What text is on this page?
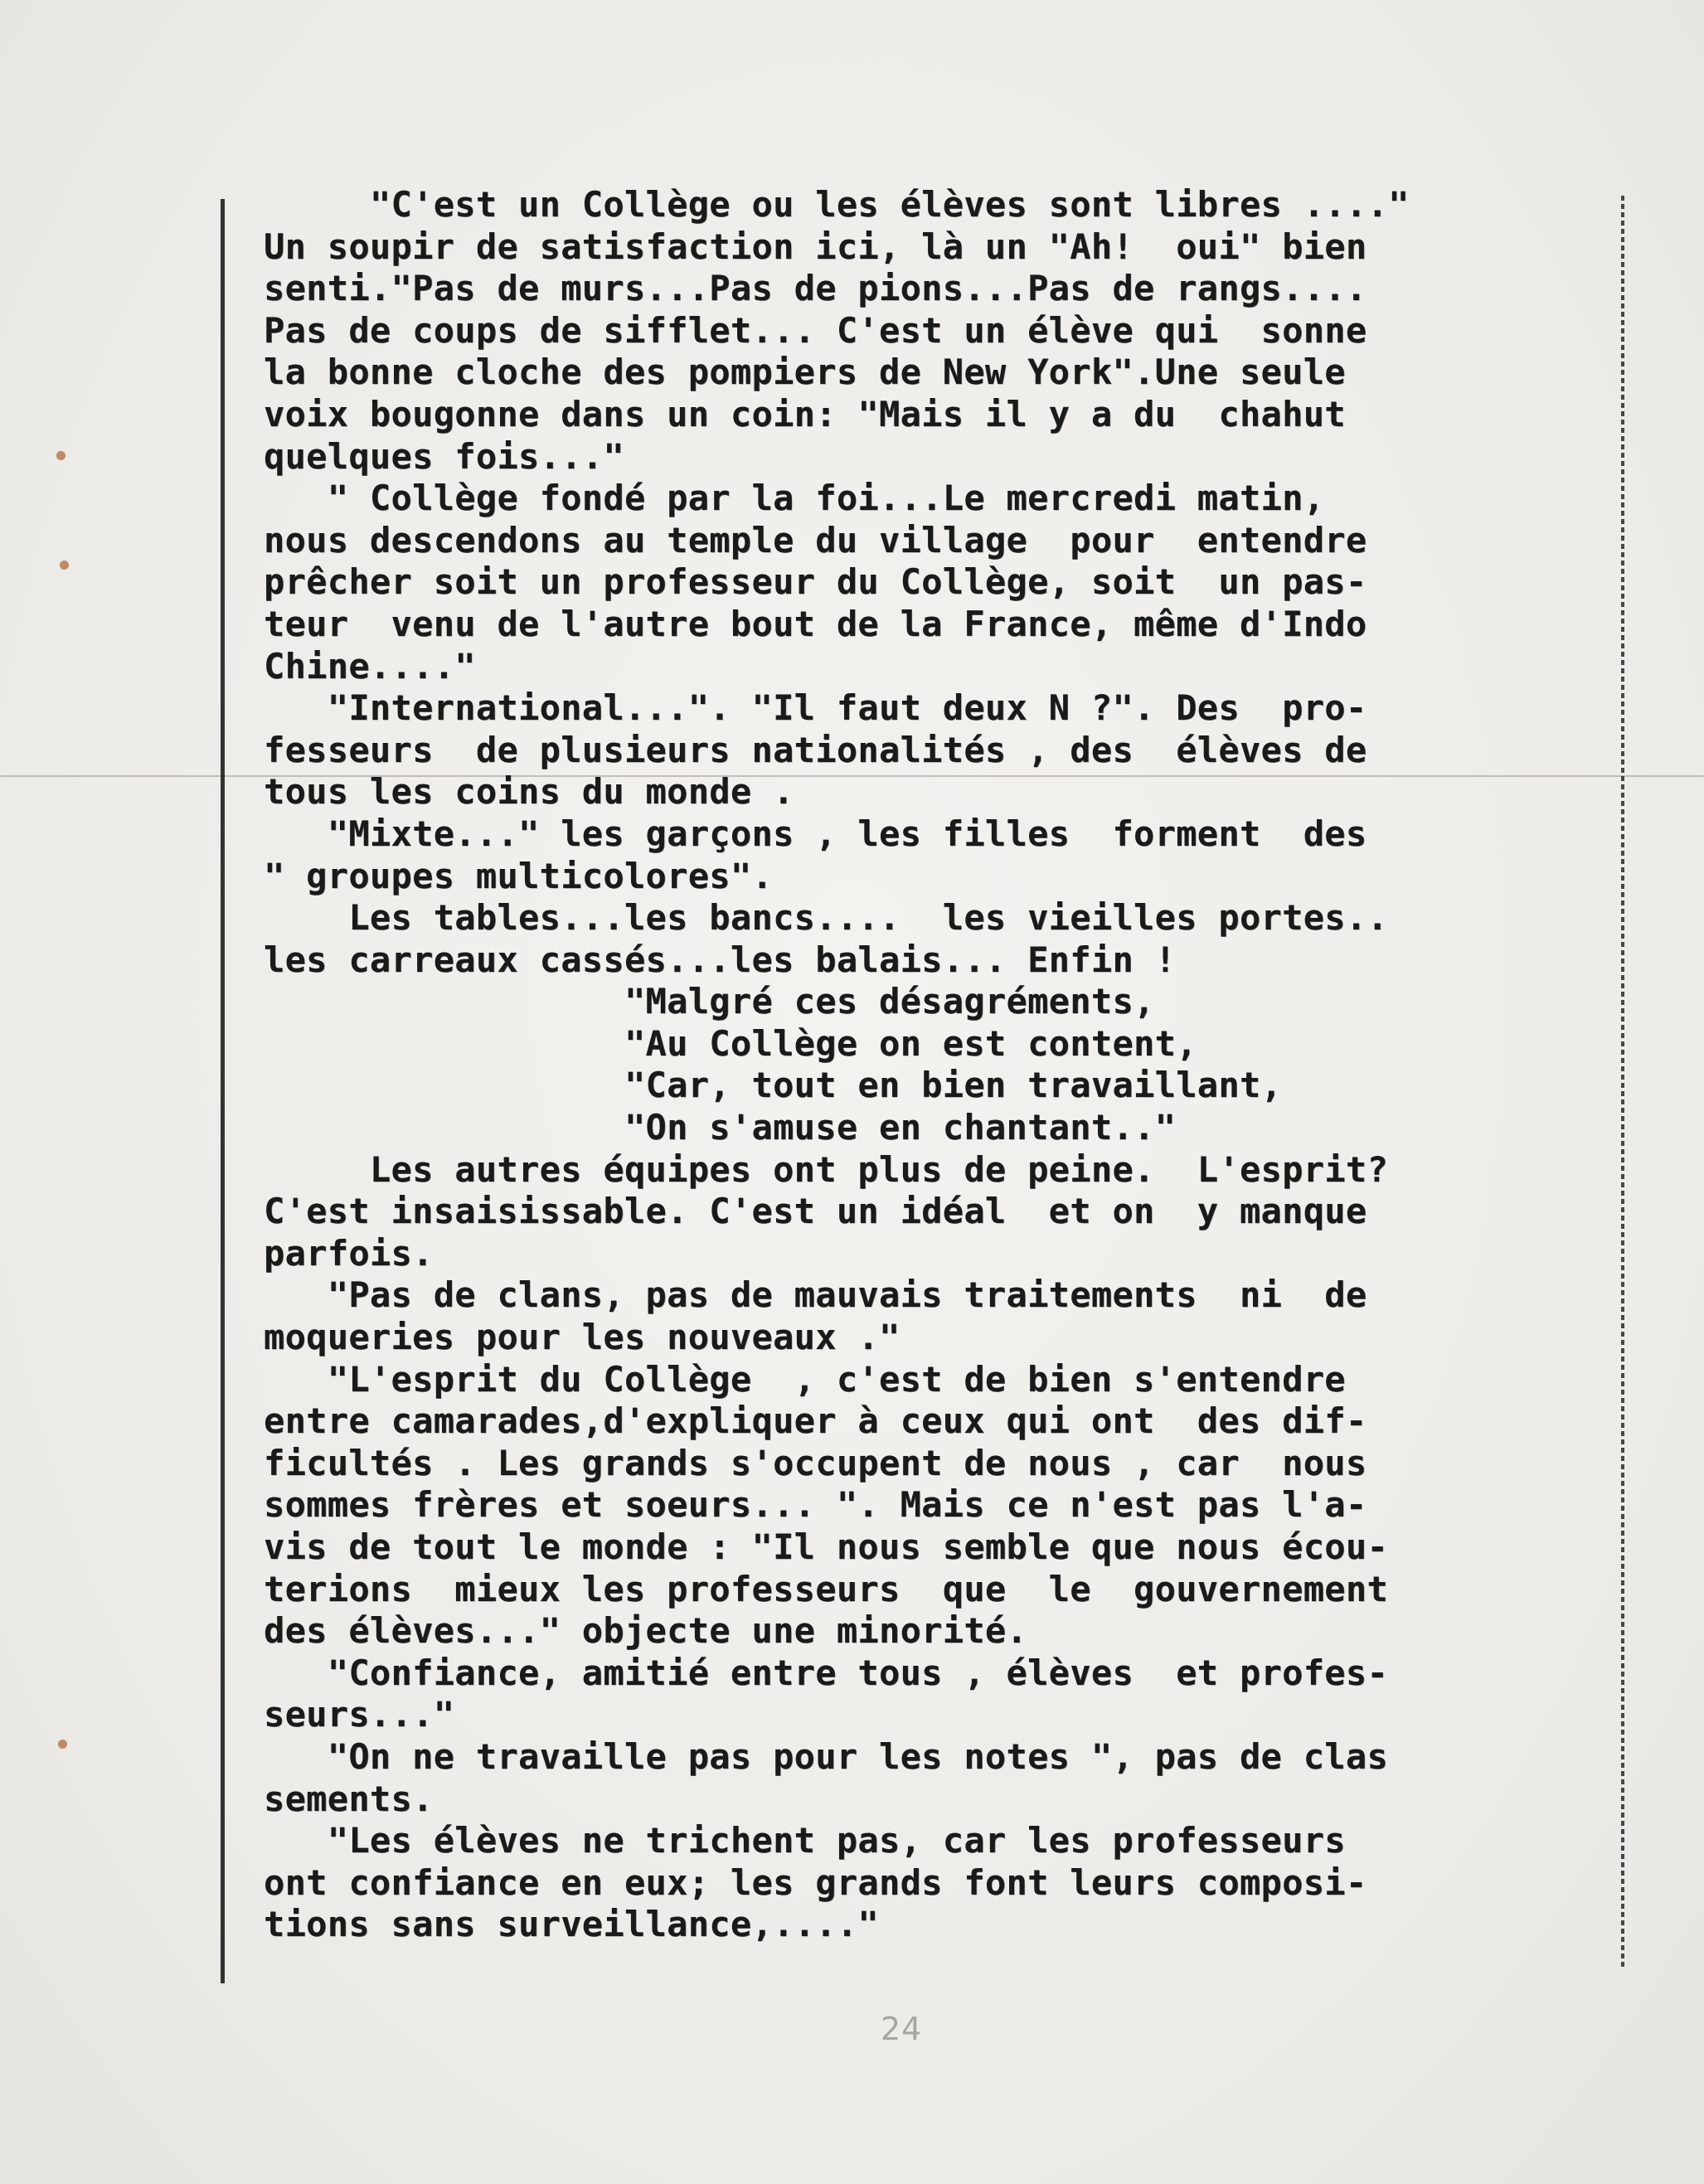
"C'est un Collège ou les élèves sont libres ...."
Un soupir de satisfaction ici, là un "Ah!  oui" bien
senti."Pas de murs...Pas de pions...Pas de rangs....
Pas de coups de sifflet... C'est un élève qui  sonne
la bonne cloche des pompiers de New York".Une seule
voix bougonne dans un coin: "Mais il y a du  chahut
quelques fois..."
" Collège fondé par la foi...Le mercredi matin,
nous descendons au temple du village  pour  entendre
prêcher soit un professeur du Collège, soit  un pas-
teur  venu de l'autre bout de la France, même d'Indo
Chine...."
"International...". "Il faut deux N ?". Des  pro-
fesseurs  de plusieurs nationalités , des  élèves de
tous les coins du monde .
"Mixte..." les garçons , les filles  forment  des
" groupes multicolores".
Les tables...les bancs....  les vieilles portes..
les carreaux cassés...les balais... Enfin !
"Malgré ces désagréments,
"Au Collège on est content,
"Car, tout en bien travaillant,
"On s'amuse en chantant.."
Les autres équipes ont plus de peine.  L'esprit?
C'est insaisissable. C'est un idéal  et on  y manque
parfois.
"Pas de clans, pas de mauvais traitements  ni  de
moqueries pour les nouveaux ."
"L'esprit du Collège  , c'est de bien s'entendre
entre camarades,d'expliquer à ceux qui ont  des dif-
ficultés . Les grands s'occupent de nous , car  nous
sommes frères et soeurs... ". Mais ce n'est pas l'a-
vis de tout le monde : "Il nous semble que nous écou-
terions  mieux les professeurs  que  le  gouvernement
des élèves..." objecte une minorité.
"Confiance, amitié entre tous , élèves  et profes-
seurs..."
"On ne travaille pas pour les notes ", pas de clas
sements.
"Les élèves ne trichent pas, car les professeurs
ont confiance en eux; les grands font leurs composi-
tions sans surveillance,...."
24
